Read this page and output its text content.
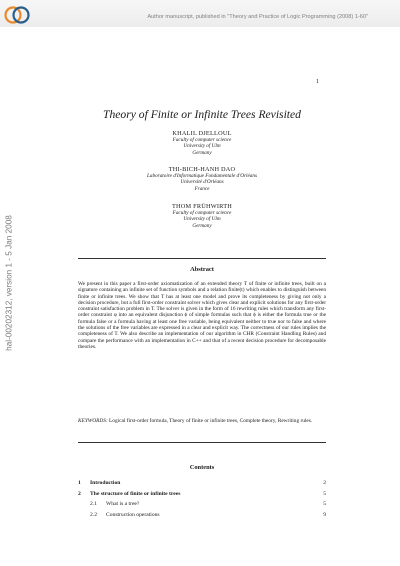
Author manuscript, published in "Theory and Practice of Logic Programming (2008) 1-60"
hal-00202312, version 1 - 5 Jan 2008
1
Theory of Finite or Infinite Trees Revisited
KHALIL DJELLOUL
Faculty of computer science
University of Ulm
Germany
THI-BICH-HANH DAO
Laboratoire d'Informatique Fondamentale d'Orléans
Université d'Orléans
France
THOM FRÜHWIRTH
Faculty of computer science
University of Ulm
Germany
Abstract
We present in this paper a first-order axiomatization of an extended theory T of finite or infinite trees, built on a signature containing an infinite set of function symbols and a relation finite(t) which enables to distinguish between finite or infinite trees. We show that T has at least one model and prove its completeness by giving not only a decision procedure, but a full first-order constraint solver which gives clear and explicit solutions for any first-order constraint satisfaction problem in T. The solver is given in the form of 16 rewriting rules which transform any first-order constraint φ into an equivalent disjunction ϕ of simple formulas such that ϕ is either the formula true or the formula false or a formula having at least one free variable, being equivalent neither to true nor to false and where the solutions of the free variables are expressed in a clear and explicit way. The correctness of our rules implies the completeness of T. We also describe an implementation of our algorithm in CHR (Constraint Handling Rules) and compare the performance with an implementation in C++ and that of a recent decision procedure for decomposable theories.
KEYWORDS: Logical first-order formula, Theory of finite or infinite trees, Complete theory, Rewriting rules.
Contents
1 Introduction	2
2 The structure of finite or infinite trees	5
2.1 What is a tree?	5
2.2 Construction operations	9
